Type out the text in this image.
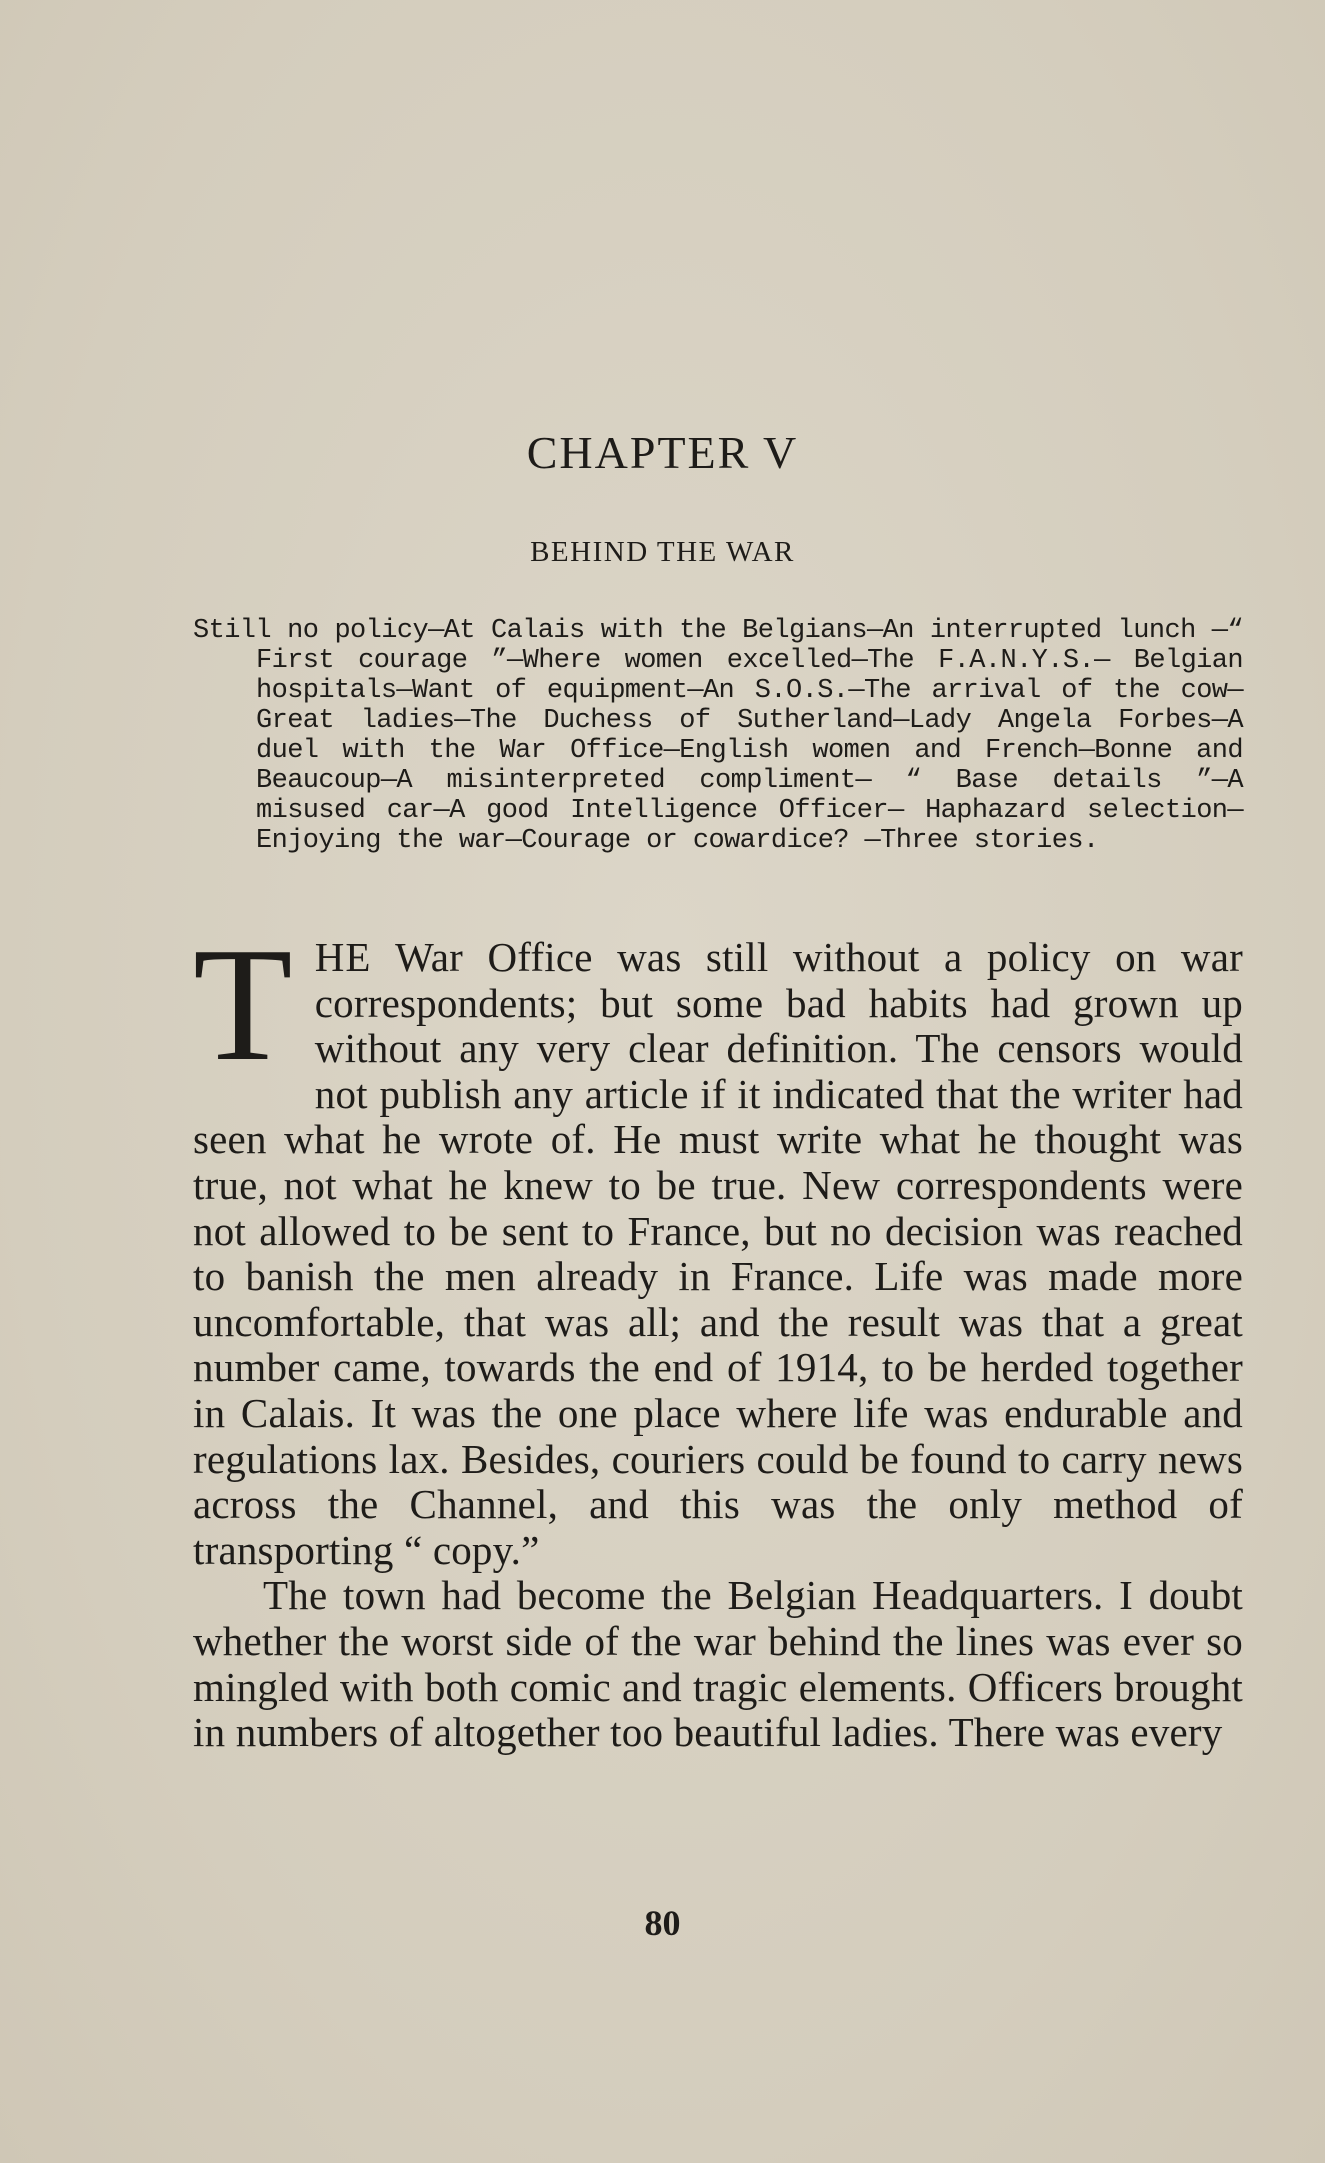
CHAPTER V
BEHIND THE WAR
Still no policy—At Calais with the Belgians—An interrupted lunch —“ First courage ”—Where women excelled—The F.A.N.Y.S.— Belgian hospitals—Want of equipment—An S.O.S.—The arrival of the cow—Great ladies—The Duchess of Sutherland—Lady Angela Forbes—A duel with the War Office—English women and French—Bonne and Beaucoup—A misinterpreted compliment— “ Base details ”—A misused car—A good Intelligence Officer— Haphazard selection—Enjoying the war—Courage or cowardice? —Three stories.

THE War Office was still without a policy on war correspondents; but some bad habits had grown up without any very clear definition. The censors would not publish any article if it indicated that the writer had seen what he wrote of. He must write what he thought was true, not what he knew to be true. New correspondents were not allowed to be sent to France, but no decision was reached to banish the men already in France. Life was made more uncomfortable, that was all; and the result was that a great number came, towards the end of 1914, to be herded together in Calais. It was the one place where life was endurable and regulations lax. Besides, couriers could be found to carry news across the Channel, and this was the only method of transporting “ copy.”

The town had become the Belgian Headquarters. I doubt whether the worst side of the war behind the lines was ever so mingled with both comic and tragic elements. Officers brought in numbers of altogether too beautiful ladies. There was every

80
